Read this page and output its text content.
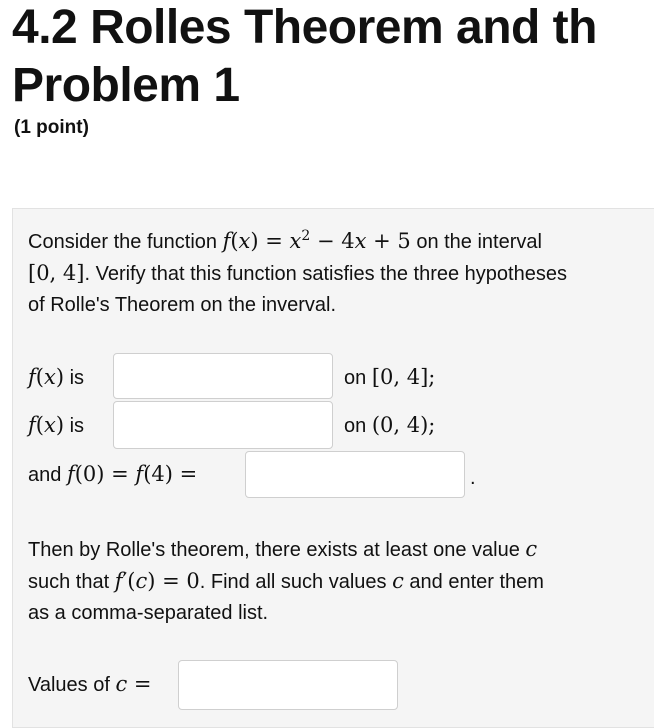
4.2 Rolles Theorem and th
Problem 1
(1 point)
Consider the function $f(x) = x^2 - 4x + 5$ on the interval
[0, 4]. Verify that this function satisfies the three hypotheses
of Rolle's Theorem on the inverval.
f(x) is	on [0, 4];
f(x) is	on (0, 4);
and f(0) = f(4) =	.
Then by Rolle's theorem, there exists at least one value c
such that f′(c) = 0. Find all such values c and enter them
as a comma-separated list.
Values of c =
